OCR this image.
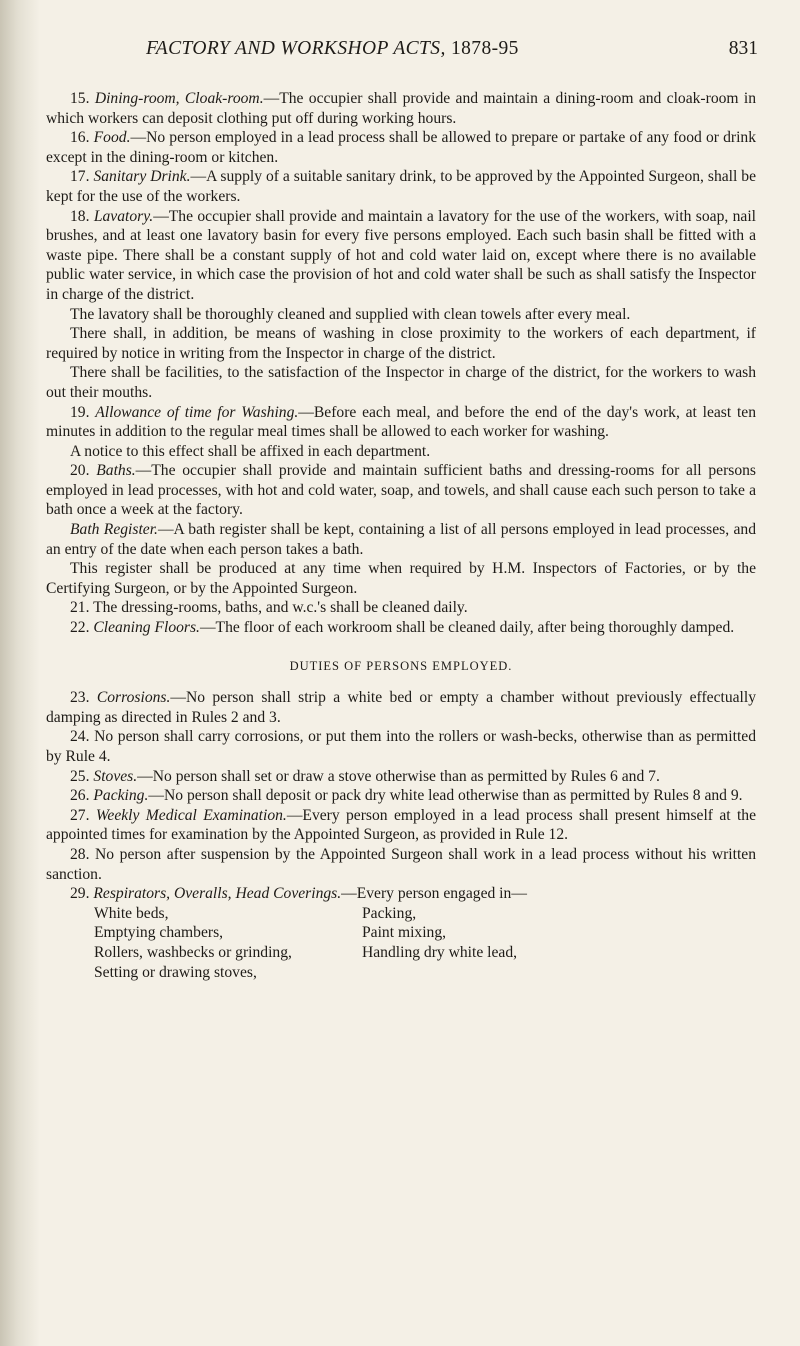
FACTORY AND WORKSHOP ACTS, 1878-95	831

15. Dining-room, Cloak-room.—The occupier shall provide and maintain a dining-room and cloak-room in which workers can deposit clothing put off during working hours.

16. Food.—No person employed in a lead process shall be allowed to prepare or partake of any food or drink except in the dining-room or kitchen.

17. Sanitary Drink.—A supply of a suitable sanitary drink, to be approved by the Appointed Surgeon, shall be kept for the use of the workers.

18. Lavatory.—The occupier shall provide and maintain a lavatory for the use of the workers, with soap, nail brushes, and at least one lavatory basin for every five persons employed. Each such basin shall be fitted with a waste pipe. There shall be a constant supply of hot and cold water laid on, except where there is no available public water service, in which case the provision of hot and cold water shall be such as shall satisfy the Inspector in charge of the district.

The lavatory shall be thoroughly cleaned and supplied with clean towels after every meal.

There shall, in addition, be means of washing in close proximity to the workers of each department, if required by notice in writing from the Inspector in charge of the district.

There shall be facilities, to the satisfaction of the Inspector in charge of the district, for the workers to wash out their mouths.

19. Allowance of time for Washing.—Before each meal, and before the end of the day's work, at least ten minutes in addition to the regular meal times shall be allowed to each worker for washing.

A notice to this effect shall be affixed in each department.

20. Baths.—The occupier shall provide and maintain sufficient baths and dressing-rooms for all persons employed in lead processes, with hot and cold water, soap, and towels, and shall cause each such person to take a bath once a week at the factory.

Bath Register.—A bath register shall be kept, containing a list of all persons employed in lead processes, and an entry of the date when each person takes a bath.

This register shall be produced at any time when required by H.M. Inspectors of Factories, or by the Certifying Surgeon, or by the Appointed Surgeon.

21. The dressing-rooms, baths, and w.c.'s shall be cleaned daily.

22. Cleaning Floors.—The floor of each workroom shall be cleaned daily, after being thoroughly damped.

DUTIES OF PERSONS EMPLOYED.

23. Corrosions.—No person shall strip a white bed or empty a chamber without previously effectually damping as directed in Rules 2 and 3.

24. No person shall carry corrosions, or put them into the rollers or wash-becks, otherwise than as permitted by Rule 4.

25. Stoves.—No person shall set or draw a stove otherwise than as permitted by Rules 6 and 7.

26. Packing.—No person shall deposit or pack dry white lead otherwise than as permitted by Rules 8 and 9.

27. Weekly Medical Examination.—Every person employed in a lead process shall present himself at the appointed times for examination by the Appointed Surgeon, as provided in Rule 12.

28. No person after suspension by the Appointed Surgeon shall work in a lead process without his written sanction.

29. Respirators, Overalls, Head Coverings.—Every person engaged in—

White beds,	Packing,
Emptying chambers,	Paint mixing,
Rollers, washbecks or grinding,	Handling dry white lead,
Setting or drawing stoves,
